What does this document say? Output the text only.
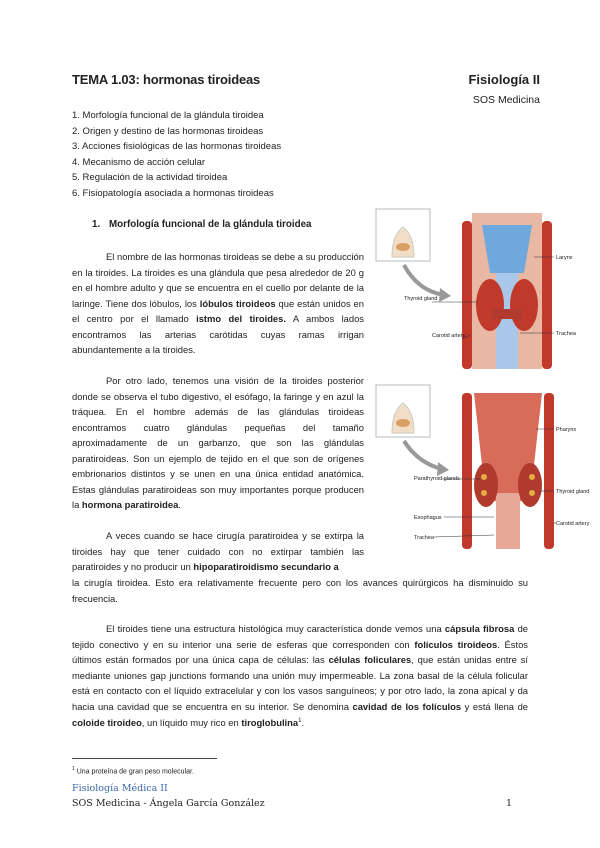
TEMA 1.03: hormonas tiroideas	Fisiología II
SOS Medicina
1. Morfología funcional de la glándula tiroidea
2. Origen y destino de las hormonas tiroideas
3. Acciones fisiológicas de las hormonas tiroideas
4. Mecanismo de acción celular
5. Regulación de la actividad tiroidea
6. Fisiopatología asociada a hormonas tiroideas
1. Morfología funcional de la glándula tiroidea
El nombre de las hormonas tiroideas se debe a su producción en la tiroides. La tiroides es una glándula que pesa alrededor de 20 g en el hombre adulto y que se encuentra en el cuello por delante de la laringe. Tiene dos lóbulos, los lóbulos tiroideos que están unidos en el centro por el llamado istmo del tiroides. A ambos lados encontramos las arterias carótidas cuyas ramas irrigan abundantemente a la tiroides.
Por otro lado, tenemos una visión de la tiroides posterior donde se observa el tubo digestivo, el esófago, la faringe y en azul la tráquea. En el hombre además de las glándulas tiroideas encontramos cuatro glándulas pequeñas del tamaño aproximadamente de un garbanzo, que son las glándulas paratiroideas. Son un ejemplo de tejido en el que son de orígenes embrionarios distintos y se unen en una única entidad anatómica. Estas glándulas paratiroideas son muy importantes porque producen la hormona paratiroidea.
A veces cuando se hace cirugía paratiroidea y se extirpa la tiroides hay que tener cuidado con no extirpar también las paratiroides y no producir un hipoparatiroidismo secundario a
la cirugía tiroidea. Esto era relativamente frecuente pero con los avances quirúrgicos ha disminuido su frecuencia.
El tiroides tiene una estructura histológica muy característica donde vemos una cápsula fibrosa de tejido conectivo y en su interior una serie de esferas que corresponden con folículos tiroideos. Éstos últimos están formados por una única capa de células: las células foliculares, que están unidas entre sí mediante uniones gap junctions formando una unión muy impermeable. La zona basal de la célula folicular está en contacto con el líquido extracelular y con los vasos sanguíneos; y por otro lado, la zona apical y da hacia una cavidad que se encuentra en su interior. Se denomina cavidad de los folículos y está llena de coloide tiroideo, un líquido muy rico en tiroglobulina$^1$.
Larynx
Thyroid gland
Carotid artery	Trachea
Pharynx
Parathyroid glands
Thyroid gland
Esophagus
Carotid artery
Trachea
$^1$ Una proteína de gran peso molecular.
Fisiología Médica II
SOS Medicina - Ángela García González	1
